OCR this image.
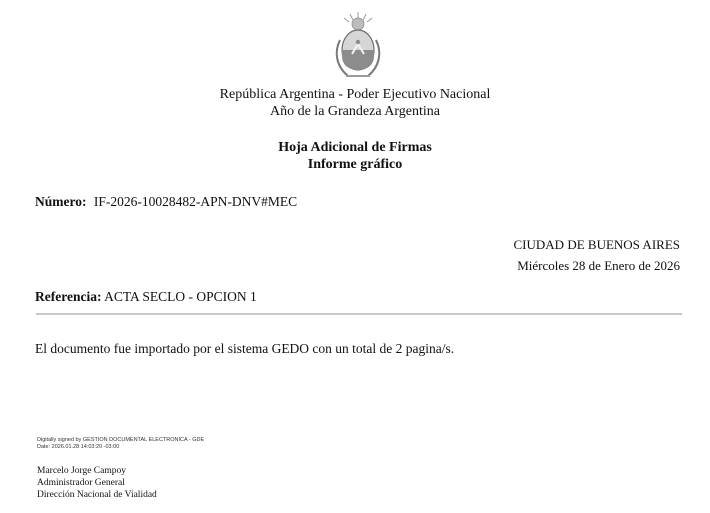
República Argentina - Poder Ejecutivo Nacional
Año de la Grandeza Argentina
Hoja Adicional de Firmas
Informe gráfico
Número: IF-2026-10028482-APN-DNV#MEC
CIUDAD DE BUENOS AIRES
Miércoles 28 de Enero de 2026
Referencia: ACTA SECLO - OPCION 1
El documento fue importado por el sistema GEDO con un total de 2 pagina/s.
Digitally signed by GESTION DOCUMENTAL ELECTRONICA - GDE
Date: 2026.01.28 14:03:20 -03:00
Marcelo Jorge Campoy
Administrador General
Dirección Nacional de Vialidad
